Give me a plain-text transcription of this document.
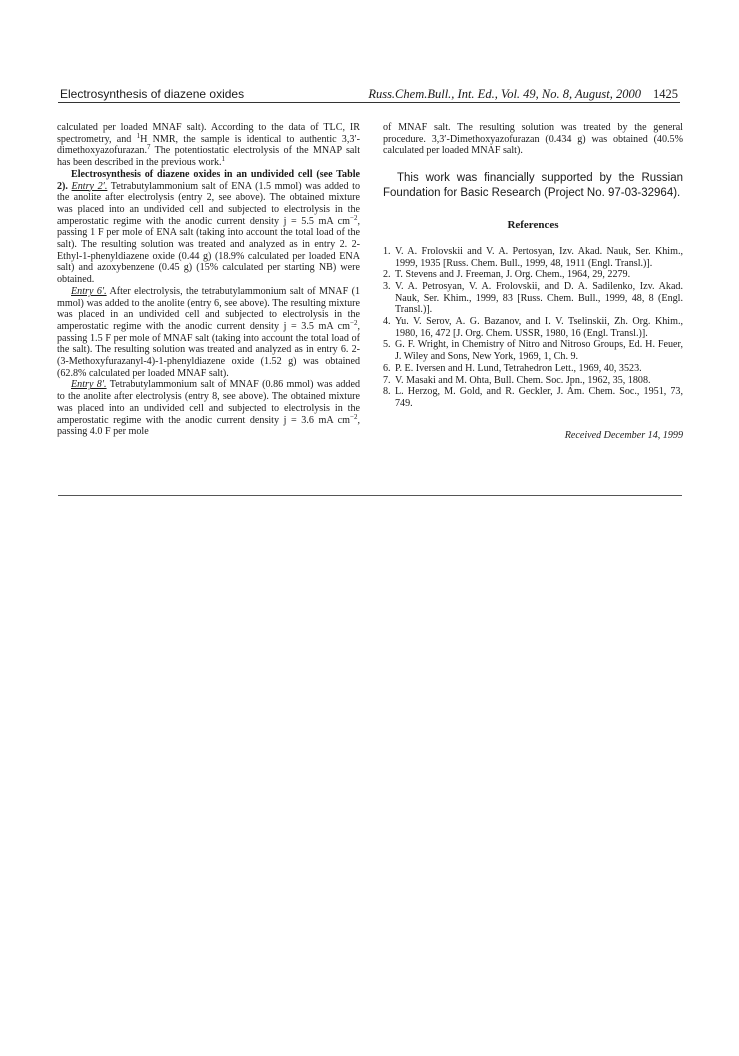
Electrosynthesis of diazene oxides	Russ.Chem.Bull., Int. Ed., Vol. 49, No. 8, August, 2000 1425

calculated per loaded MNAF salt). According to the data of TLC, IR spectrometry, and $^1$H NMR, the sample is identical to authentic 3,3′-dimethoxyazofurazan.$^7$ The potentiostatic electrolysis of the MNAP salt has been described in the previous work.$^1$

Electrosynthesis of diazene oxides in an undivided cell (see Table 2). Entry 2′. Tetrabutylammonium salt of ENA (1.5 mmol) was added to the anolite after electrolysis (entry 2, see above). The obtained mixture was placed into an undivided cell and subjected to electrolysis in the amperostatic regime with the anodic current density j = 5.5 mA $cm^{-2}$, passing 1 F per mole of ENA salt (taking into account the total load of the salt). The resulting solution was treated and analyzed as in entry 2. 2-Ethyl-1-phenyldiazene oxide (0.44 g) (18.9% calculated per loaded ENA salt) and azoxybenzene (0.45 g) (15% calculated per starting NB) were obtained.

Entry 6′. After electrolysis, the tetrabutylammonium salt of MNAF (1 mmol) was added to the anolite (entry 6, see above). The resulting mixture was placed in an undivided cell and subjected to electrolysis in the amperostatic regime with the anodic current density j = 3.5 mA $cm^{-2}$, passing 1.5 F per mole of MNAF salt (taking into account the total load of the salt). The resulting solution was treated and analyzed as in entry 6. 2-(3-Methoxyfurazanyl-4)-1-phenyldiazene oxide (1.52 g) was obtained (62.8% calculated per loaded MNAF salt).

Entry 8′. Tetrabutylammonium salt of MNAF (0.86 mmol) was added to the anolite after electrolysis (entry 8, see above). The obtained mixture was placed into an undivided cell and subjected to electrolysis in the amperostatic regime with the anodic current density j = 3.6 mA $cm^{-2}$, passing 4.0 F per mole

of MNAF salt. The resulting solution was treated by the general procedure. 3,3′-Dimethoxyazofurazan (0.434 g) was obtained (40.5% calculated per loaded MNAF salt).

This work was financially supported by the Russian Foundation for Basic Research (Project No. 97-03-32964).

References

1. V. A. Frolovskii and V. A. Pertosyan, Izv. Akad. Nauk, Ser. Khim., 1999, 1935 [Russ. Chem. Bull., 1999, 48, 1911 (Engl. Transl.)].
2. T. Stevens and J. Freeman, J. Org. Chem., 1964, 29, 2279.
3. V. A. Petrosyan, V. A. Frolovskii, and D. A. Sadilenko, Izv. Akad. Nauk, Ser. Khim., 1999, 83 [Russ. Chem. Bull., 1999, 48, 8 (Engl. Transl.)].
4. Yu. V. Serov, A. G. Bazanov, and I. V. Tselinskii, Zh. Org. Khim., 1980, 16, 472 [J. Org. Chem. USSR, 1980, 16 (Engl. Transl.)].
5. G. F. Wright, in Chemistry of Nitro and Nitroso Groups, Ed. H. Feuer, J. Wiley and Sons, New York, 1969, 1, Ch. 9.
6. P. E. Iversen and H. Lund, Tetrahedron Lett., 1969, 40, 3523.
7. V. Masaki and M. Ohta, Bull. Chem. Soc. Jpn., 1962, 35, 1808.
8. L. Herzog, M. Gold, and R. Geckler, J. Am. Chem. Soc., 1951, 73, 749.

Received December 14, 1999
